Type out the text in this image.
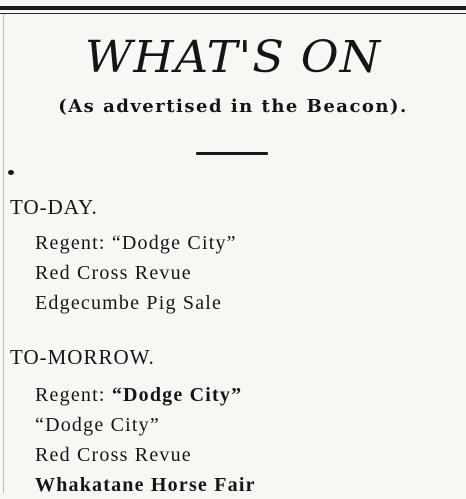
WHAT'S ON
(As advertised in the Beacon).
TO-DAY.
Regent: “Dodge City”
Red Cross Revue
Edgecumbe Pig Sale
TO-MORROW.
Regent: “Dodge City”
“Dodge City”
Red Cross Revue
Whakatane Horse Fair
